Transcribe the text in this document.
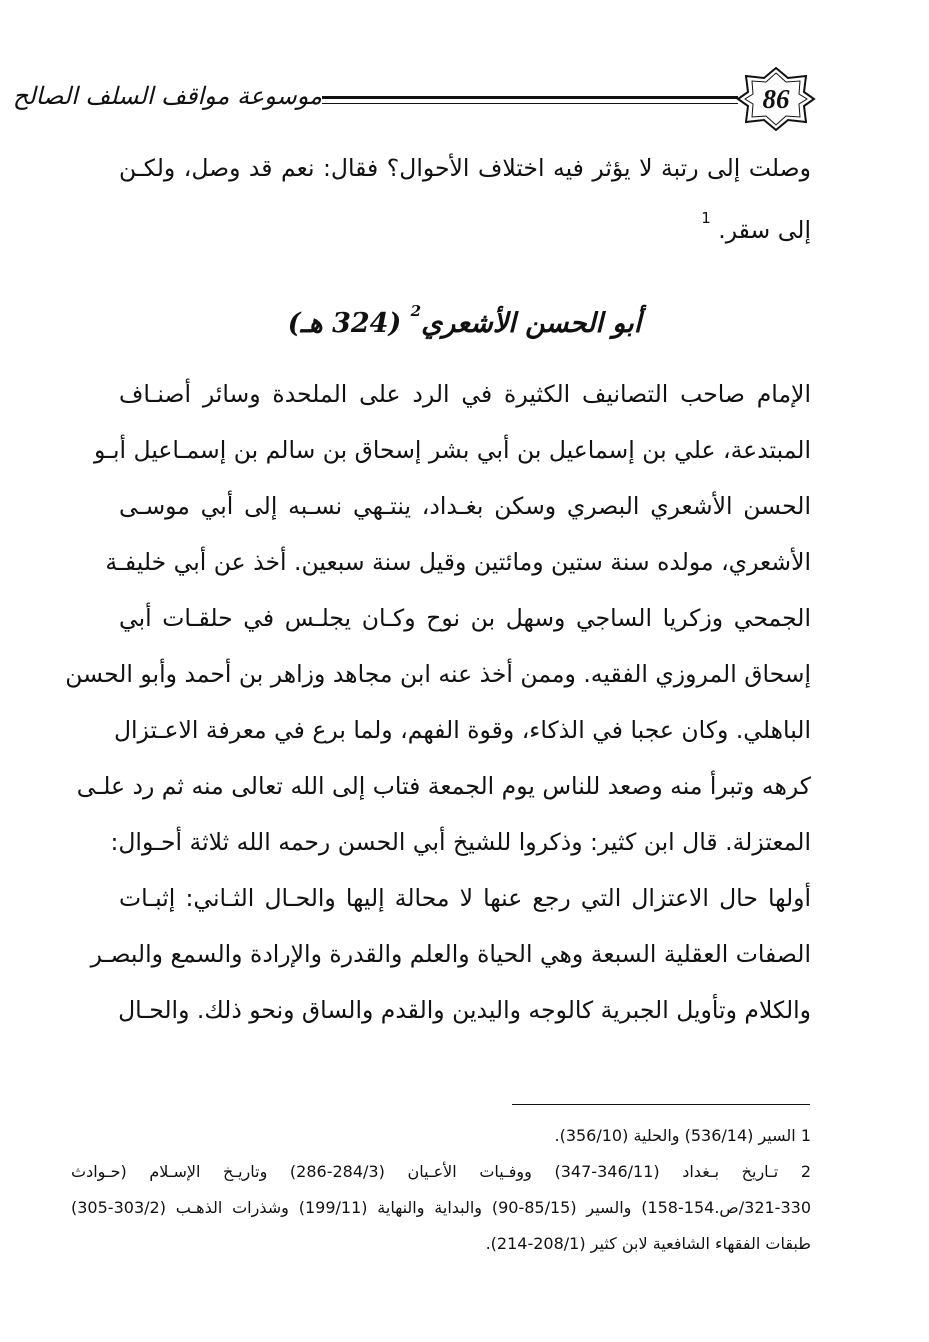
موسوعة مواقف السلف الصالح	86
وصلت إلى رتبة لا يؤثر فيه اختلاف الأحوال؟ فقال: نعم قد وصل، ولكـن
إلى سقر. $^1$
أبو الحسن الأشعري$^2$ (324 هـ)
الإمام صاحب التصانيف الكثيرة في الرد على الملحدة وسائر أصنـاف
المبتدعة، علي بن إسماعيل بن أبي بشر إسحاق بن سالم بن إسمـاعيل أبـو
الحسن الأشعري البصري وسكن بغـداد، ينتـهي نسـبه إلى أبي موسـى
الأشعري، مولده سنة ستين ومائتين وقيل سنة سبعين. أخذ عن أبي خليفـة
الجمحي وزكريا الساجي وسهل بن نوح وكـان يجلـس في حلقـات أبي
إسحاق المروزي الفقيه. وممن أخذ عنه ابن مجاهد وزاهر بن أحمد وأبو الحسن
الباهلي. وكان عجبا في الذكاء، وقوة الفهم، ولما برع في معرفة الاعـتزال
كرهه وتبرأ منه وصعد للناس يوم الجمعة فتاب إلى الله تعالى منه ثم رد علـى
المعتزلة. قال ابن كثير: وذكروا للشيخ أبي الحسن رحمه الله ثلاثة أحـوال:
أولها حال الاعتزال التي رجع عنها لا محالة إليها والحـال الثـاني: إثبـات
الصفات العقلية السبعة وهي الحياة والعلم والقدرة والإرادة والسمع والبصـر
والكلام وتأويل الجبرية كالوجه واليدين والقدم والساق ونحو ذلك. والحـال
1 السير (536/14) والحلية (356/10).
2 تـاريخ بـغداد (346/11-347) ووفـيات الأعـيان (284/3-286) وتاريـخ الإسـلام (حـوادث
321-330/ص.154-158) والسير (85/15-90) والبداية والنهاية (199/11) وشذرات الذهـب (303/2-305)
طبقات الفقهاء الشافعية لابن كثير (208/1-214).
